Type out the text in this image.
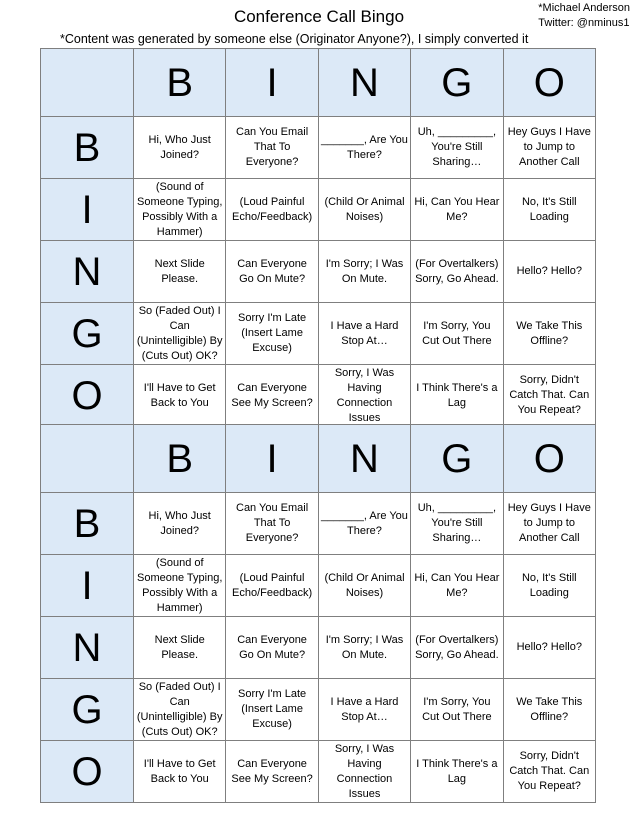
Conference Call Bingo	*Michael Anderson
Twitter: @nminus1
*Content was generated by someone else (Originator Anyone?), I simply converted it
	B	I	N	G	O
B	Hi, Who Just Joined?	Can You Email That To Everyone?	_______, Are You There?	Uh, _________, You're Still Sharing…	Hey Guys I Have to Jump to Another Call
I	(Sound of Someone Typing, Possibly With a Hammer)	(Loud Painful Echo/Feedback)	(Child Or Animal Noises)	Hi, Can You Hear Me?	No, It's Still Loading
N	Next Slide Please.	Can Everyone Go On Mute?	I'm Sorry; I Was On Mute.	(For Overtalkers) Sorry, Go Ahead.	Hello? Hello?
G	So (Faded Out) I Can (Unintelligible) By (Cuts Out) OK?	Sorry I'm Late (Insert Lame Excuse)	I Have a Hard Stop At…	I'm Sorry, You Cut Out There	We Take This Offline?
O	I'll Have to Get Back to You	Can Everyone See My Screen?	Sorry, I Was Having Connection Issues	I Think There's a Lag	Sorry, Didn't Catch That. Can You Repeat?
	B	I	N	G	O
B	Hi, Who Just Joined?	Can You Email That To Everyone?	_______, Are You There?	Uh, _________, You're Still Sharing…	Hey Guys I Have to Jump to Another Call
I	(Sound of Someone Typing, Possibly With a Hammer)	(Loud Painful Echo/Feedback)	(Child Or Animal Noises)	Hi, Can You Hear Me?	No, It's Still Loading
N	Next Slide Please.	Can Everyone Go On Mute?	I'm Sorry; I Was On Mute.	(For Overtalkers) Sorry, Go Ahead.	Hello? Hello?
G	So (Faded Out) I Can (Unintelligible) By (Cuts Out) OK?	Sorry I'm Late (Insert Lame Excuse)	I Have a Hard Stop At…	I'm Sorry, You Cut Out There	We Take This Offline?
O	I'll Have to Get Back to You	Can Everyone See My Screen?	Sorry, I Was Having Connection Issues	I Think There's a Lag	Sorry, Didn't Catch That. Can You Repeat?
